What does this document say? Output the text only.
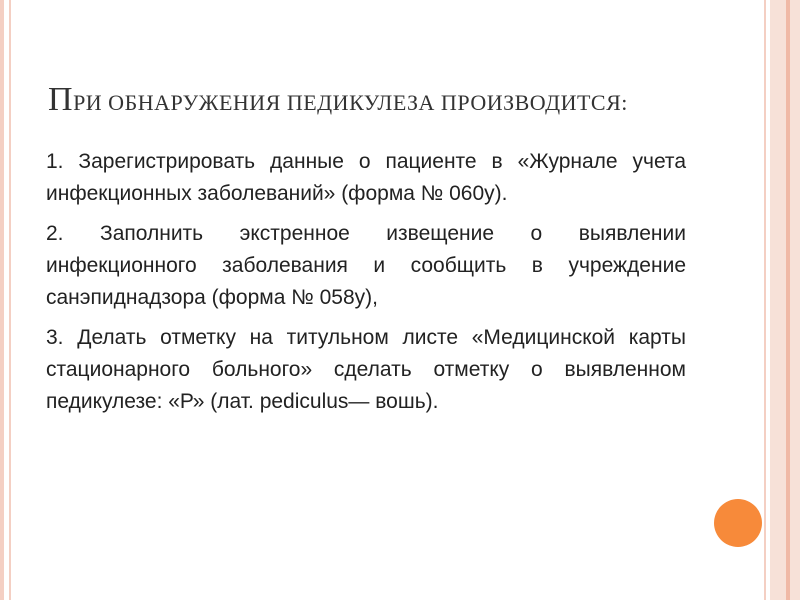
ПРИ ОБНАРУЖЕНИЯ ПЕДИКУЛЕЗА ПРОИЗВОДИТСЯ:

1. Зарегистрировать данные о пациенте в «Журнале учета инфекционных заболеваний» (форма № 060у).

2. Заполнить экстренное извещение о выявлении инфекционного заболевания и сообщить в учреждение санэпиднадзора (форма № 058у),

3. Делать отметку на титульном листе «Медицинской карты стационарного больного» сделать отметку о выявленном педикулезе: «Р» (лат. pediculus— вошь).
